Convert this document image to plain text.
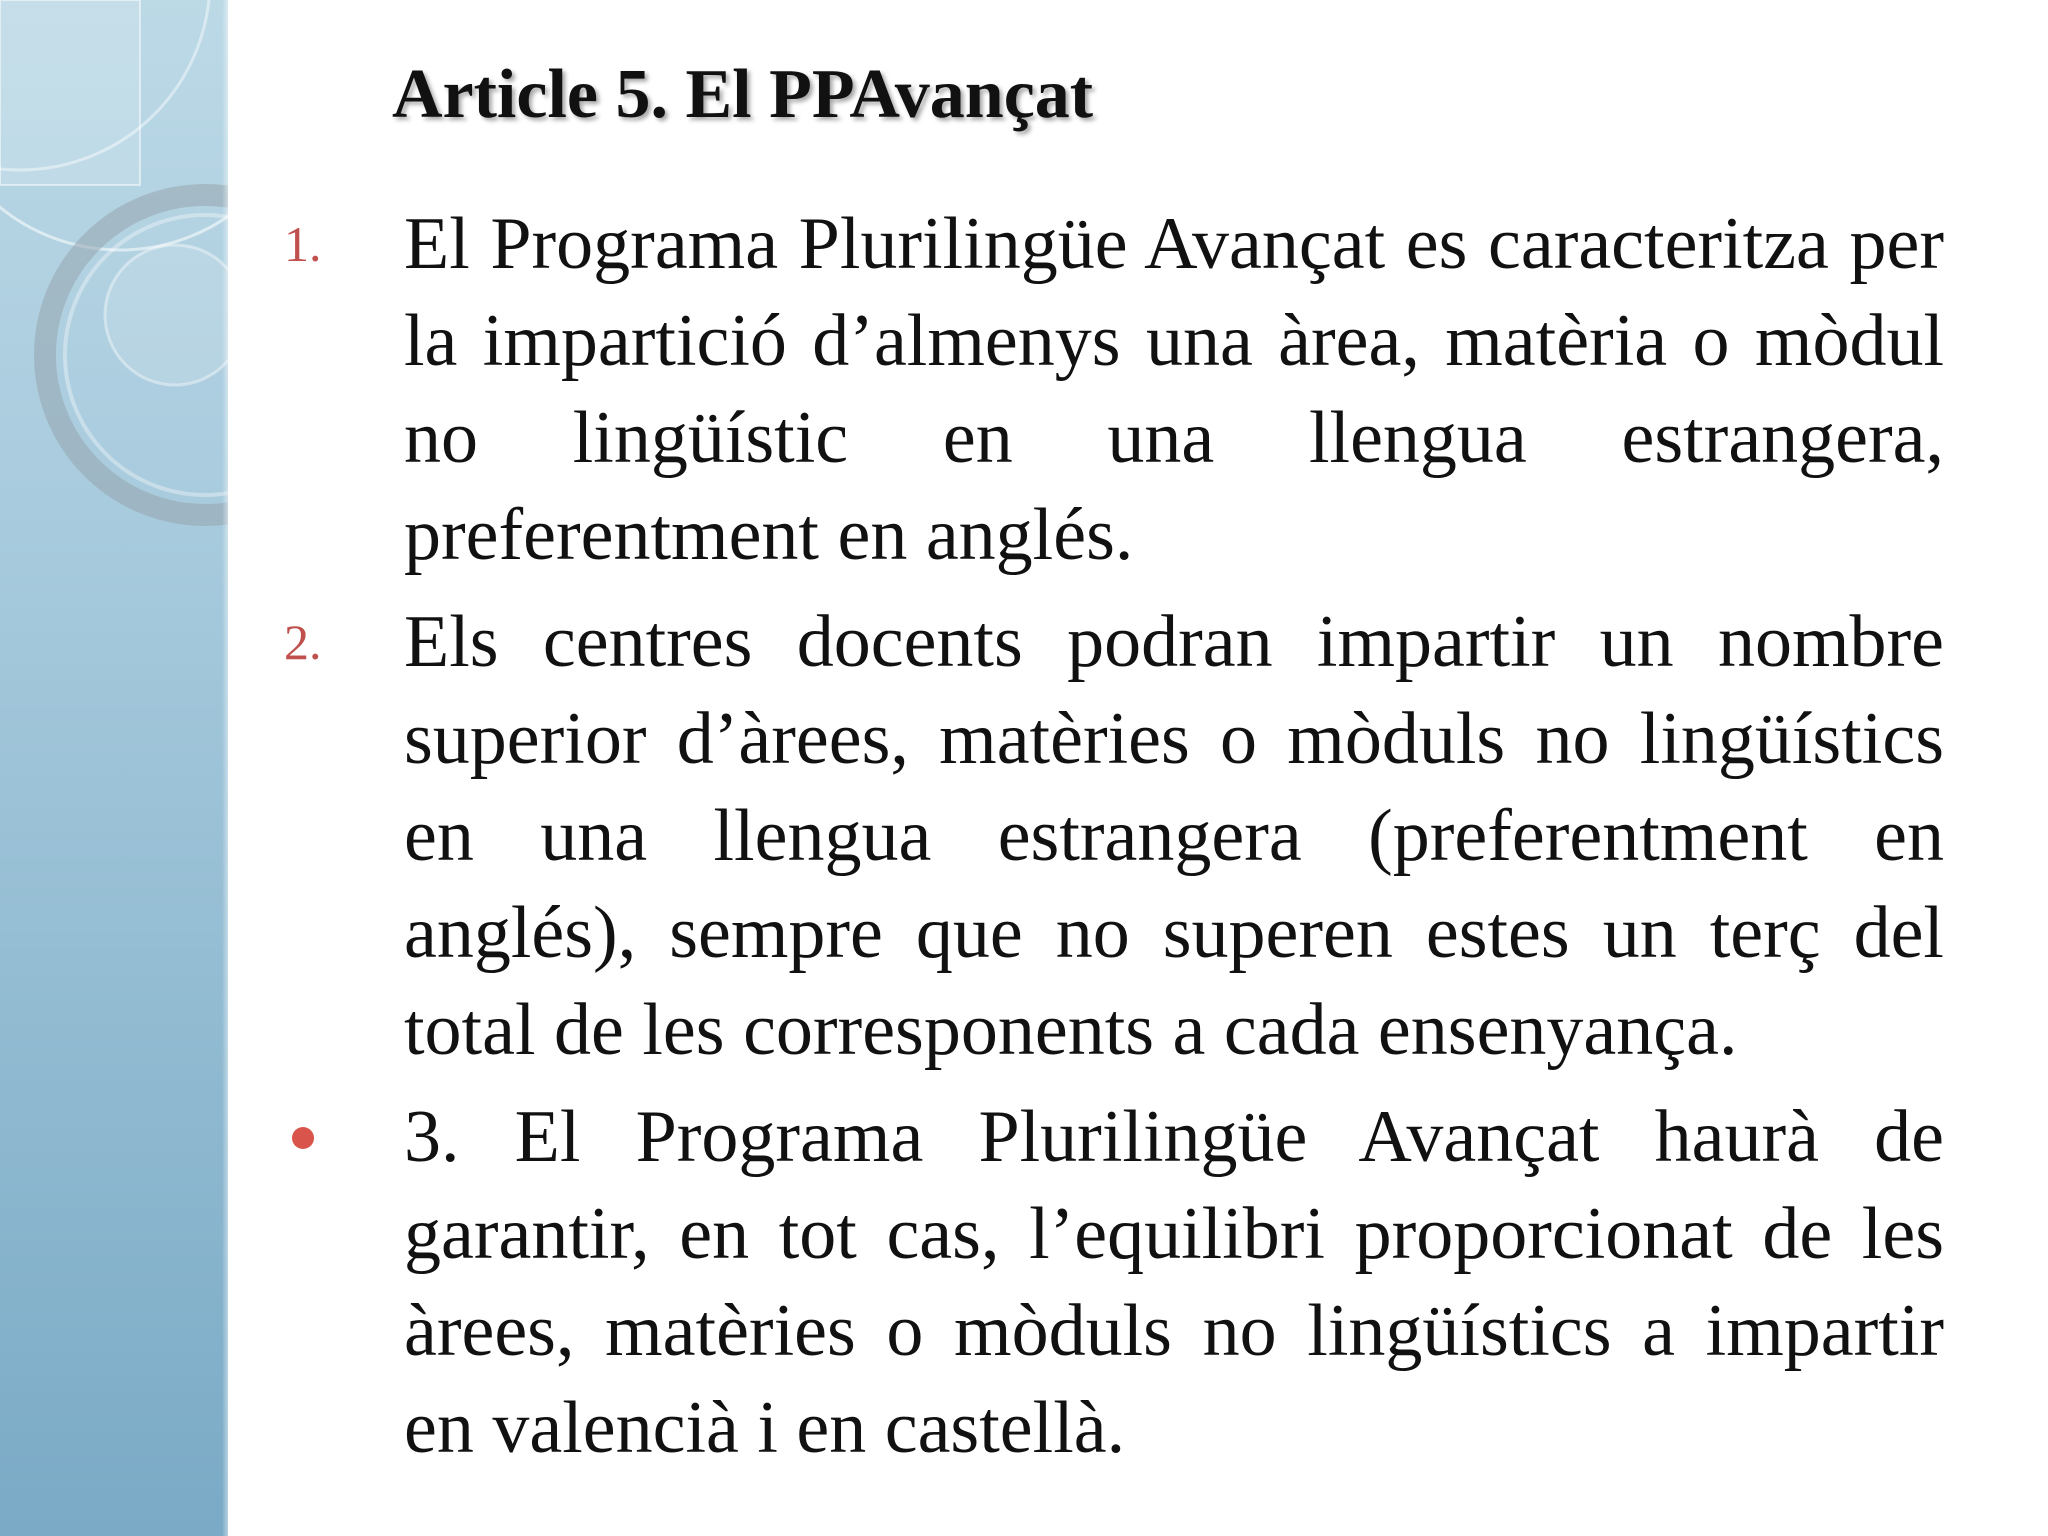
Article 5. El PPAvançat
1.	El Programa Plurilingüe Avançat es caracteritza per la impartició d’almenys una àrea, matèria o mòdul no lingüístic en una llengua estrangera, preferentment en anglés.

2.	Els centres docents podran impartir un nombre superior d’àrees, matèries o mòduls no lingüístics en una llengua estrangera (preferentment en anglés), sempre que no superen estes un terç del total de les corresponents a cada ensenyança.

3. El Programa Plurilingüe Avançat haurà de garantir, en tot cas, l’equilibri proporcionat de les àrees, matèries o mòduls no lingüístics a impartir en valencià i en castellà.
